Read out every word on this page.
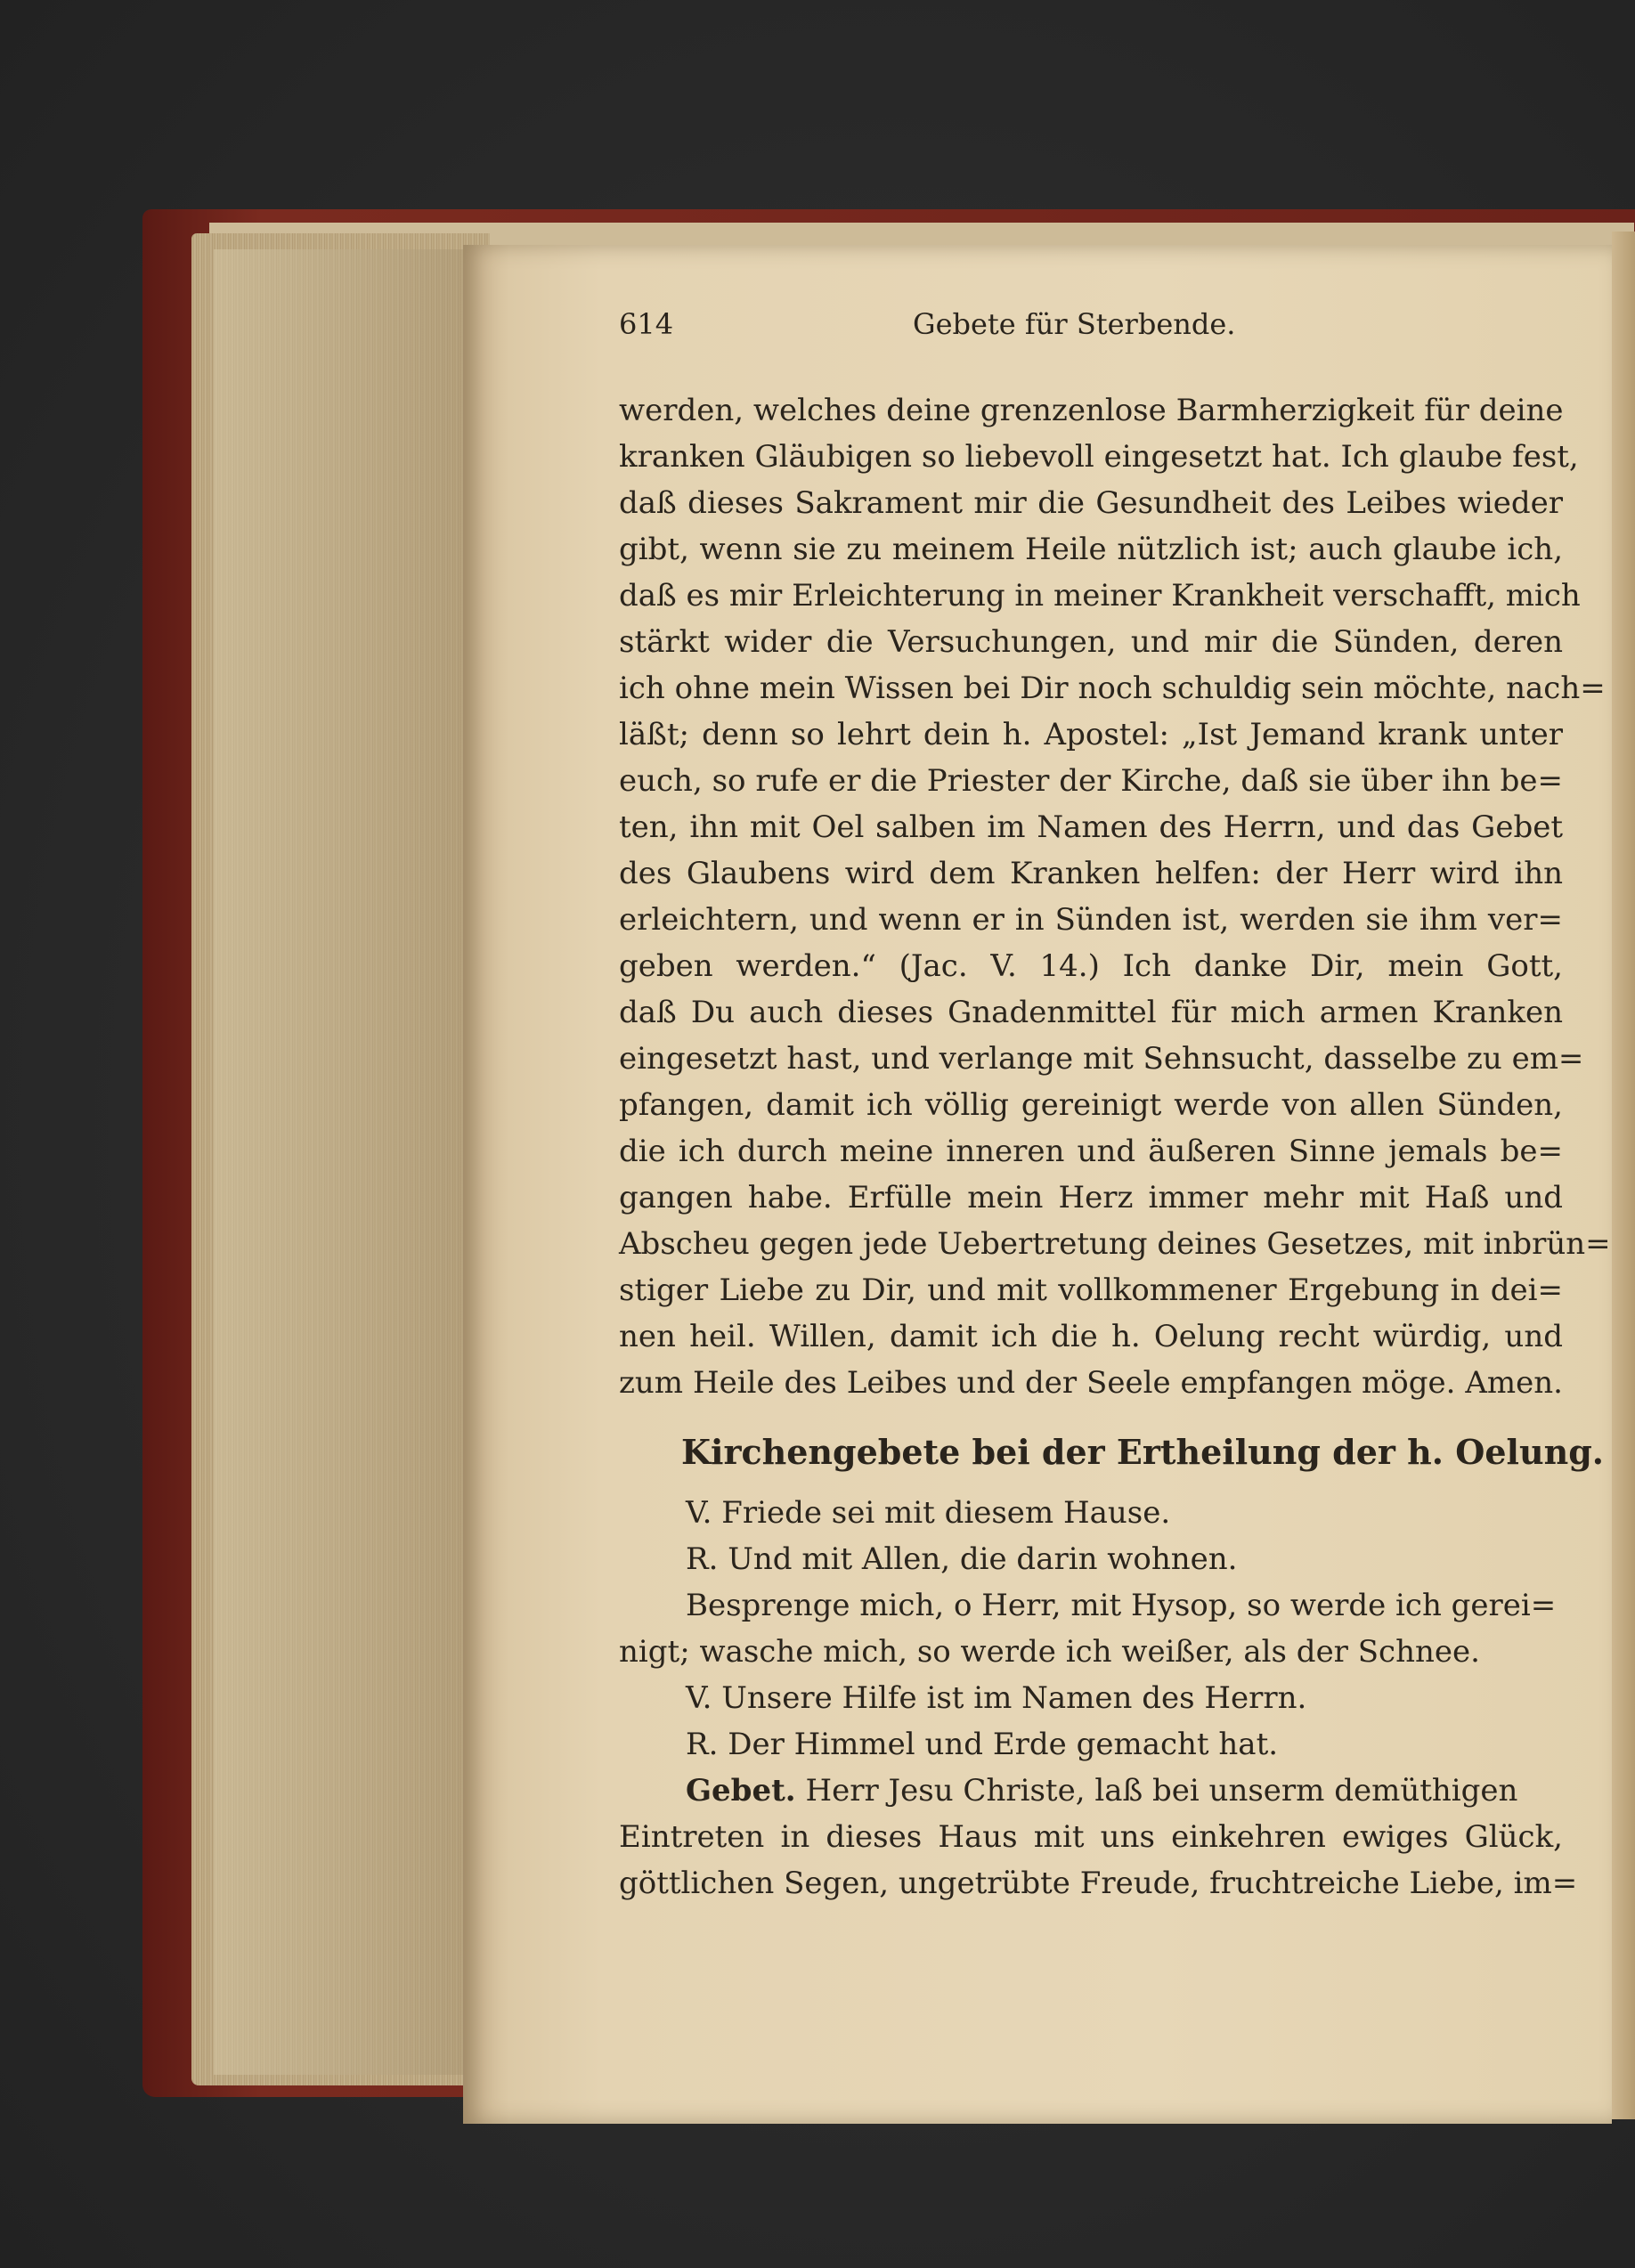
614	Gebete für Sterbende.
werden, welches deine grenzenlose Barmherzigkeit für deine
kranken Gläubigen so liebevoll eingesetzt hat. Ich glaube fest,
daß dieses Sakrament mir die Gesundheit des Leibes wieder
gibt, wenn sie zu meinem Heile nützlich ist; auch glaube ich,
daß es mir Erleichterung in meiner Krankheit verschafft, mich
stärkt wider die Versuchungen, und mir die Sünden, deren
ich ohne mein Wissen bei Dir noch schuldig sein möchte, nach=
läßt; denn so lehrt dein h. Apostel: „Ist Jemand krank unter
euch, so rufe er die Priester der Kirche, daß sie über ihn be=
ten, ihn mit Oel salben im Namen des Herrn, und das Gebet
des Glaubens wird dem Kranken helfen: der Herr wird ihn
erleichtern, und wenn er in Sünden ist, werden sie ihm ver=
geben werden.“ (Jac. V. 14.) Ich danke Dir, mein Gott,
daß Du auch dieses Gnadenmittel für mich armen Kranken
eingesetzt hast, und verlange mit Sehnsucht, dasselbe zu em=
pfangen, damit ich völlig gereinigt werde von allen Sünden,
die ich durch meine inneren und äußeren Sinne jemals be=
gangen habe. Erfülle mein Herz immer mehr mit Haß und
Abscheu gegen jede Uebertretung deines Gesetzes, mit inbrün=
stiger Liebe zu Dir, und mit vollkommener Ergebung in dei=
nen heil. Willen, damit ich die h. Oelung recht würdig, und
zum Heile des Leibes und der Seele empfangen möge. Amen.
Kirchengebete bei der Ertheilung der h. Oelung.
V. Friede sei mit diesem Hause.
R. Und mit Allen, die darin wohnen.
Besprenge mich, o Herr, mit Hysop, so werde ich gerei=
nigt; wasche mich, so werde ich weißer, als der Schnee.
V. Unsere Hilfe ist im Namen des Herrn.
R. Der Himmel und Erde gemacht hat.
Gebet. Herr Jesu Christe, laß bei unserm demüthigen
Eintreten in dieses Haus mit uns einkehren ewiges Glück,
göttlichen Segen, ungetrübte Freude, fruchtreiche Liebe, im=
